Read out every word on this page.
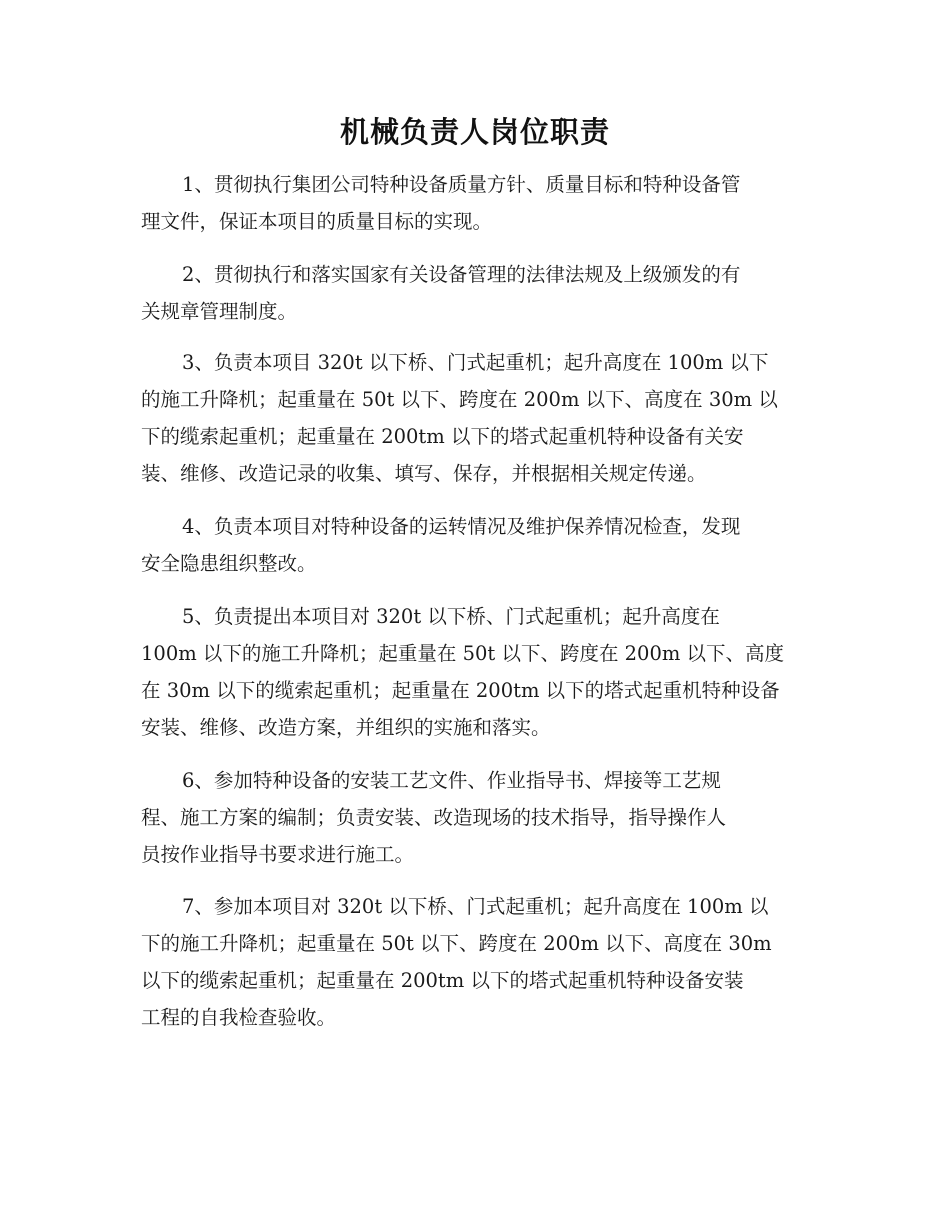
机械负责人岗位职责

1、贯彻执行集团公司特种设备质量方针、质量目标和特种设备管
理文件，保证本项目的质量目标的实现。

2、贯彻执行和落实国家有关设备管理的法律法规及上级颁发的有
关规章管理制度。

3、负责本项目 320t 以下桥、门式起重机；起升高度在 100m 以下
的施工升降机；起重量在 50t 以下、跨度在 200m 以下、高度在 30m 以
下的缆索起重机；起重量在 200tm 以下的塔式起重机特种设备有关安
装、维修、改造记录的收集、填写、保存，并根据相关规定传递。

4、负责本项目对特种设备的运转情况及维护保养情况检查，发现
安全隐患组织整改。

5、负责提出本项目对 320t 以下桥、门式起重机；起升高度在
100m 以下的施工升降机；起重量在 50t 以下、跨度在 200m 以下、高度
在 30m 以下的缆索起重机；起重量在 200tm 以下的塔式起重机特种设备
安装、维修、改造方案，并组织的实施和落实。

6、参加特种设备的安装工艺文件、作业指导书、焊接等工艺规
程、施工方案的编制；负责安装、改造现场的技术指导，指导操作人
员按作业指导书要求进行施工。

7、参加本项目对 320t 以下桥、门式起重机；起升高度在 100m 以
下的施工升降机；起重量在 50t 以下、跨度在 200m 以下、高度在 30m
以下的缆索起重机；起重量在 200tm 以下的塔式起重机特种设备安装
工程的自我检查验收。
